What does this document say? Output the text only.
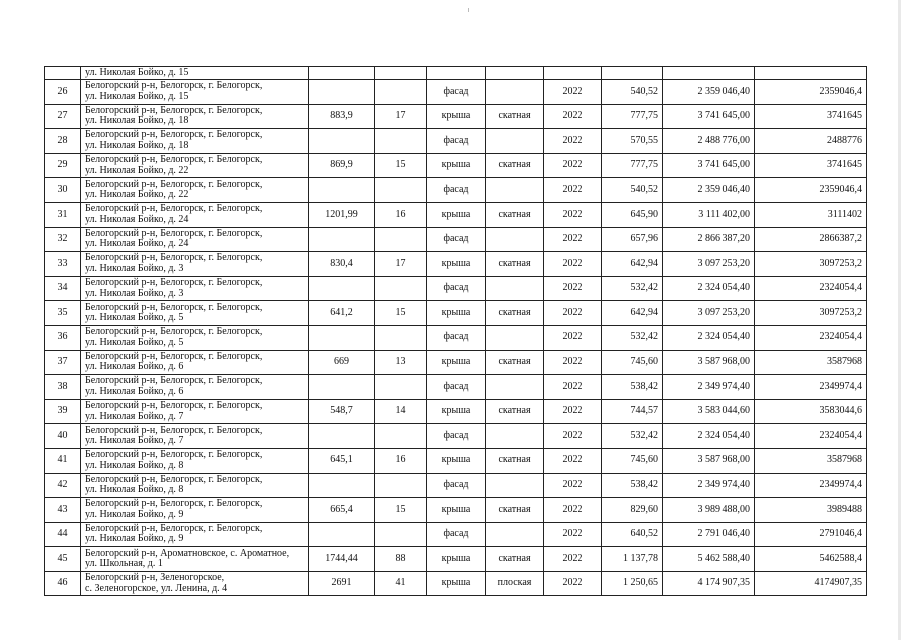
	ул. Николая Бойко, д. 15								

26	Белогорский р-н, Белогорск, г. Белогорск,
ул. Николая Бойко, д. 15			фасад		2022	540,52	2 359 046,40	2359046,4
27	Белогорский р-н, Белогорск, г. Белогорск,
ул. Николая Бойко, д. 18	883,9	17	крыша	скатная	2022	777,75	3 741 645,00	3741645
28	Белогорский р-н, Белогорск, г. Белогорск,
ул. Николая Бойко, д. 18			фасад		2022	570,55	2 488 776,00	2488776
29	Белогорский р-н, Белогорск, г. Белогорск,
ул. Николая Бойко, д. 22	869,9	15	крыша	скатная	2022	777,75	3 741 645,00	3741645
30	Белогорский р-н, Белогорск, г. Белогорск,
ул. Николая Бойко, д. 22			фасад		2022	540,52	2 359 046,40	2359046,4
31	Белогорский р-н, Белогорск, г. Белогорск,
ул. Николая Бойко, д. 24	1201,99	16	крыша	скатная	2022	645,90	3 111 402,00	3111402
32	Белогорский р-н, Белогорск, г. Белогорск,
ул. Николая Бойко, д. 24			фасад		2022	657,96	2 866 387,20	2866387,2
33	Белогорский р-н, Белогорск, г. Белогорск,
ул. Николая Бойко, д. 3	830,4	17	крыша	скатная	2022	642,94	3 097 253,20	3097253,2
34	Белогорский р-н, Белогорск, г. Белогорск,
ул. Николая Бойко, д. 3			фасад		2022	532,42	2 324 054,40	2324054,4
35	Белогорский р-н, Белогорск, г. Белогорск,
ул. Николая Бойко, д. 5	641,2	15	крыша	скатная	2022	642,94	3 097 253,20	3097253,2
36	Белогорский р-н, Белогорск, г. Белогорск,
ул. Николая Бойко, д. 5			фасад		2022	532,42	2 324 054,40	2324054,4
37	Белогорский р-н, Белогорск, г. Белогорск,
ул. Николая Бойко, д. 6	669	13	крыша	скатная	2022	745,60	3 587 968,00	3587968
38	Белогорский р-н, Белогорск, г. Белогорск,
ул. Николая Бойко, д. 6			фасад		2022	538,42	2 349 974,40	2349974,4
39	Белогорский р-н, Белогорск, г. Белогорск,
ул. Николая Бойко, д. 7	548,7	14	крыша	скатная	2022	744,57	3 583 044,60	3583044,6
40	Белогорский р-н, Белогорск, г. Белогорск,
ул. Николая Бойко, д. 7			фасад		2022	532,42	2 324 054,40	2324054,4
41	Белогорский р-н, Белогорск, г. Белогорск,
ул. Николая Бойко, д. 8	645,1	16	крыша	скатная	2022	745,60	3 587 968,00	3587968
42	Белогорский р-н, Белогорск, г. Белогорск,
ул. Николая Бойко, д. 8			фасад		2022	538,42	2 349 974,40	2349974,4
43	Белогорский р-н, Белогорск, г. Белогорск,
ул. Николая Бойко, д. 9	665,4	15	крыша	скатная	2022	829,60	3 989 488,00	3989488
44	Белогорский р-н, Белогорск, г. Белогорск,
ул. Николая Бойко, д. 9			фасад		2022	640,52	2 791 046,40	2791046,4
45	Белогорский р-н, Ароматновское, с. Ароматное,
ул. Школьная, д. 1	1744,44	88	крыша	скатная	2022	1 137,78	5 462 588,40	5462588,4
46	Белогорский р-н, Зеленогорское,
с. Зеленогорское, ул. Ленина, д. 4	2691	41	крыша	плоская	2022	1 250,65	4 174 907,35	4174907,35
